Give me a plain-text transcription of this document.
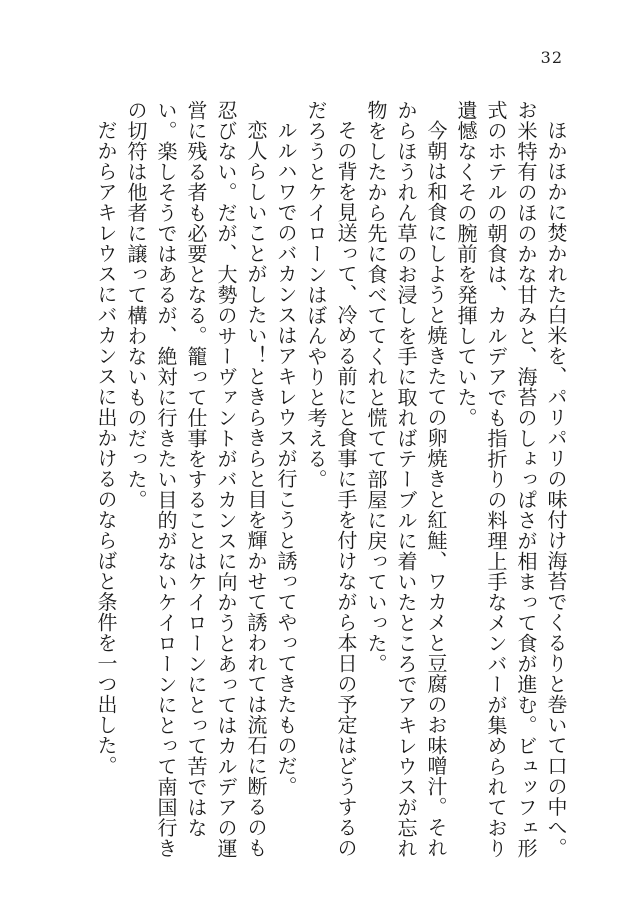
32

ほかほかに焚かれた白米を、パリパリの味付け海苔でくるりと巻いて口の中へ。お米特有のほのかな甘みと、海苔のしょっぱさが相まって食が進む。ビュッフェ形式のホテルの朝食は、カルデアでも指折りの料理上手なメンバーが集められており遺憾なくその腕前を発揮していた。

今朝は和食にしようと焼きたての卵焼きと紅鮭、ワカメと豆腐のお味噌汁。それからほうれん草のお浸しを手に取ればテーブルに着いたところでアキレウスが忘れ物をしたから先に食べててくれと慌てて部屋に戻っていった。

その背を見送って、冷める前にと食事に手を付けながら本日の予定はどうするのだろうとケイローンはぼんやりと考える。

ルルハワでのバカンスはアキレウスが行こうと誘ってやってきたものだ。

恋人らしいことがしたい！ときらきらと目を輝かせて誘われては流石に断るのも忍びない。だが、大勢のサーヴァントがバカンスに向かうとあってはカルデアの運営に残る者も必要となる。籠って仕事をすることはケイローンにとって苦ではない。楽しそうではあるが、絶対に行きたい目的がないケイローンにとって南国行きの切符は他者に譲って構わないものだった。

だからアキレウスにバカンスに出かけるのならばと条件を一つ出した。
